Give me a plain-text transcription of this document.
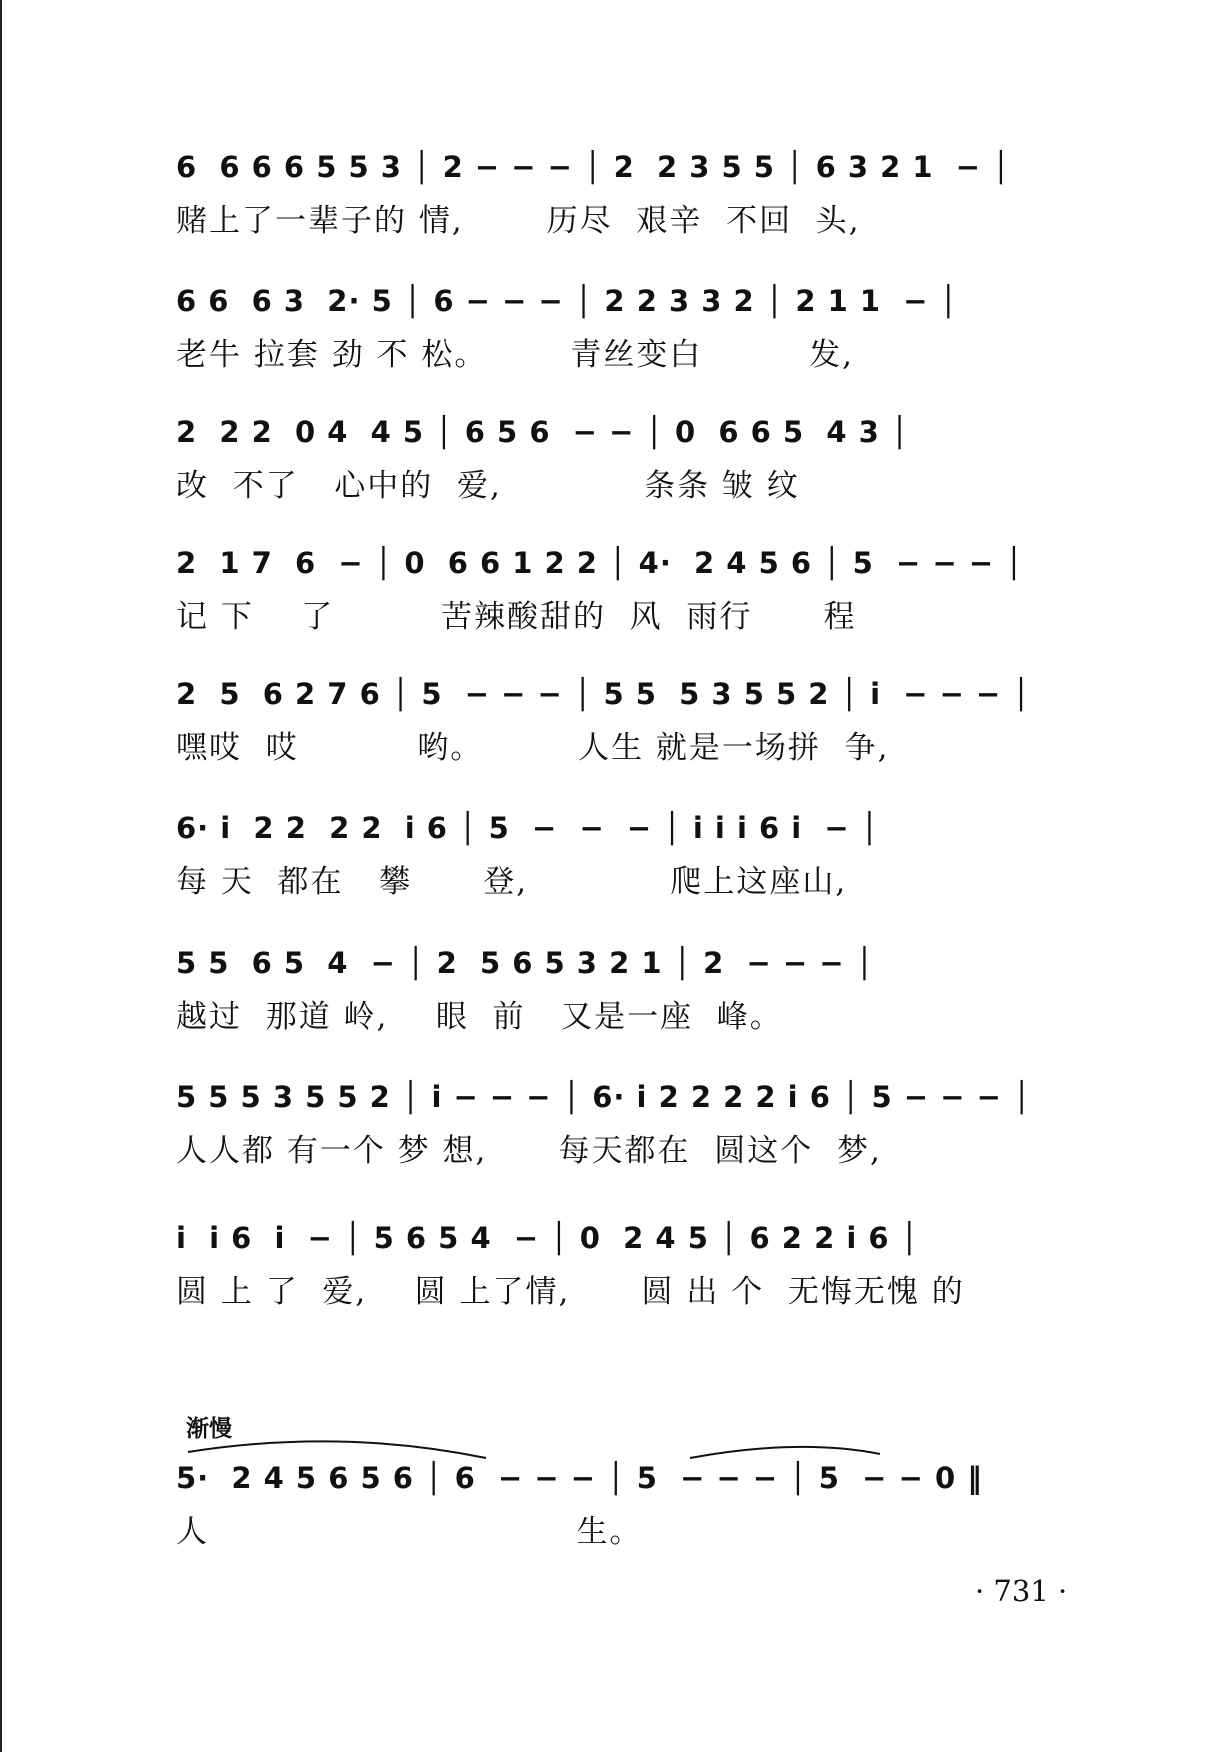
6  6 6 6 5 5 3 │ 2 − − − │ 2  2 3 5 5 │ 6 3 2 1  − │
赌上了一辈子的 情,       历尽  艰辛  不回  头,
6 6  6 3  2· 5 │ 6 − − − │ 2 2 3 3 2 │ 2 1 1  − │
老牛 拉套 劲 不 松。       青丝变白         发,
2  2 2  0 4  4 5 │ 6 5 6  − − │ 0  6 6 5  4 3 │
改  不了   心中的  爱,            条条 皱 纹
2  1 7  6  − │ 0  6 6 1 2 2 │ 4·  2 4 5 6 │ 5  − − − │
记 下    了         苦辣酸甜的  风  雨行      程
2  5  6 2 7 6 │ 5  − − − │ 5 5  5 3 5 5 2 │ i  − − − │
嘿哎  哎          哟。        人生 就是一场拼  争,
6· i  2 2  2 2  i 6 │ 5  −  −  − │ i i i 6 i  − │
每 天  都在   攀      登,            爬上这座山,
5 5  6 5  4  − │ 2  5 6 5 3 2 1 │ 2  − − − │
越过  那道 岭,    眼  前   又是一座  峰。
5 5 5 3 5 5 2 │ i − − − │ 6· i 2 2 2 2 i 6 │ 5 − − − │
人人都 有一个 梦 想,      每天都在  圆这个  梦,
i  i 6  i  − │ 5 6 5 4  − │ 0  2 4 5 │ 6 2 2 i 6 │
圆 上 了  爱,    圆 上了情,      圆 出 个  无悔无愧 的
渐慢
5·  2 4 5 6 5 6 │ 6  − − − │ 5  − − − │ 5  − − 0 ‖
人                               生。
· 731 ·
